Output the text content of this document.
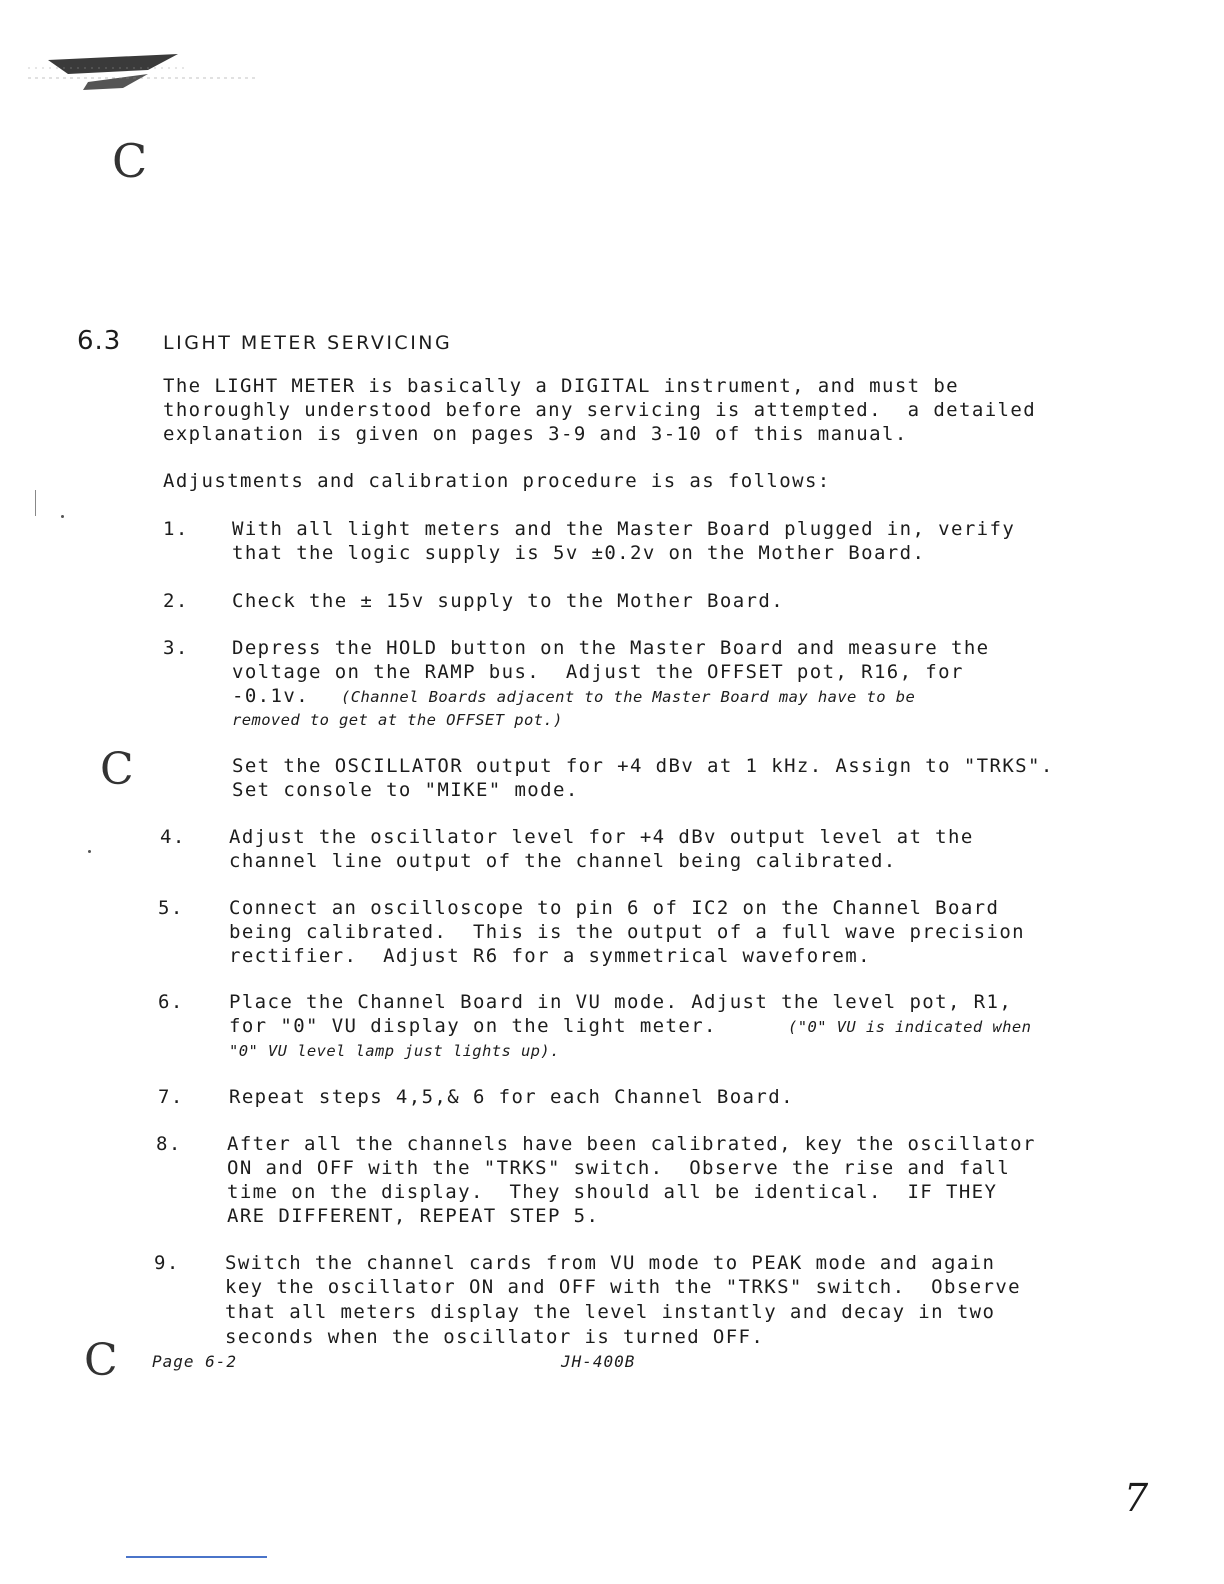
C
C
C
6.3 LIGHT METER SERVICING
The LIGHT METER is basically a DIGITAL instrument, and must be
thoroughly understood before any servicing is attempted.  a detailed
explanation is given on pages 3-9 and 3-10 of this manual.
Adjustments and calibration procedure is as follows:
1. With all light meters and the Master Board plugged in, verify
that the logic supply is 5v ±0.2v on the Mother Board.
2. Check the ± 15v supply to the Mother Board.
3. Depress the HOLD button on the Master Board and measure the
voltage on the RAMP bus.  Adjust the OFFSET pot, R16, for
-0.1v. (Channel Boards adjacent to the Master Board may have to be
removed to get at the OFFSET pot.)
Set the OSCILLATOR output for +4 dBv at 1 kHz. Assign to "TRKS".
Set console to "MIKE" mode.
4. Adjust the oscillator level for +4 dBv output level at the
channel line output of the channel being calibrated.
5. Connect an oscilloscope to pin 6 of IC2 on the Channel Board
being calibrated.  This is the output of a full wave precision
rectifier.  Adjust R6 for a symmetrical waveforem.
6. Place the Channel Board in VU mode. Adjust the level pot, R1,
for "0" VU display on the light meter.	("0" VU is indicated when
"0" VU level lamp just lights up).
7. Repeat steps 4,5,& 6 for each Channel Board.
8. After all the channels have been calibrated, key the oscillator
ON and OFF with the "TRKS" switch.  Observe the rise and fall
time on the display.  They should all be identical.  IF THEY
ARE DIFFERENT, REPEAT STEP 5.
9. Switch the channel cards from VU mode to PEAK mode and again
key the oscillator ON and OFF with the "TRKS" switch.  Observe
that all meters display the level instantly and decay in two
seconds when the oscillator is turned OFF.
Page 6-2	JH-400B
7
